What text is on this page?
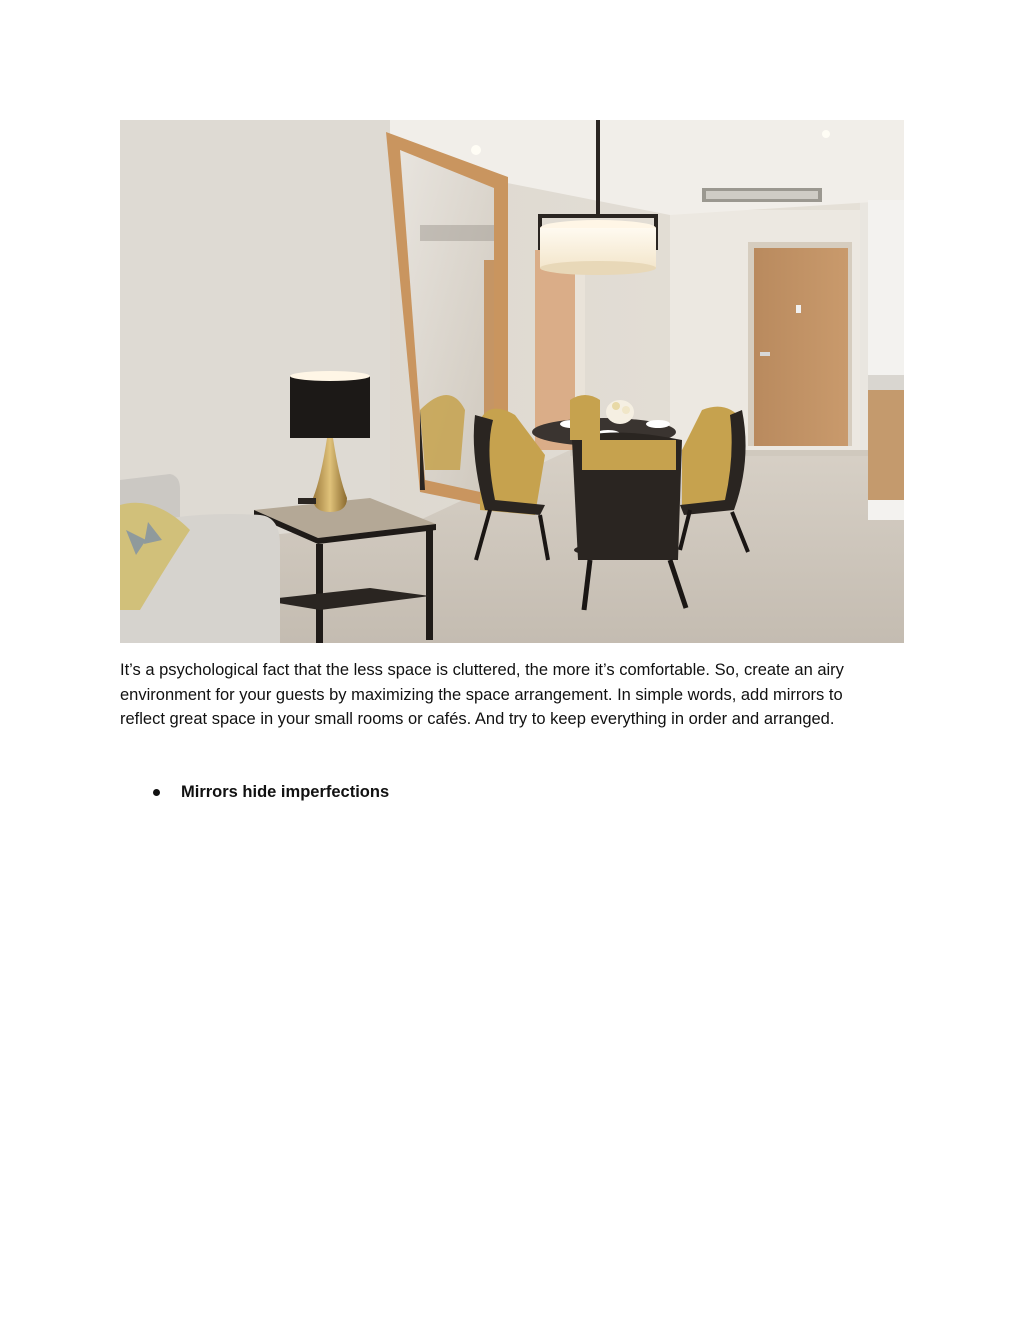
It’s a psychological fact that the less space is cluttered, the more it’s comfortable. So, create an airy environment for your guests by maximizing the space arrangement. In simple words, add mirrors to reflect great space in your small rooms or cafés. And try to keep everything in order and arranged.

Mirrors hide imperfections
